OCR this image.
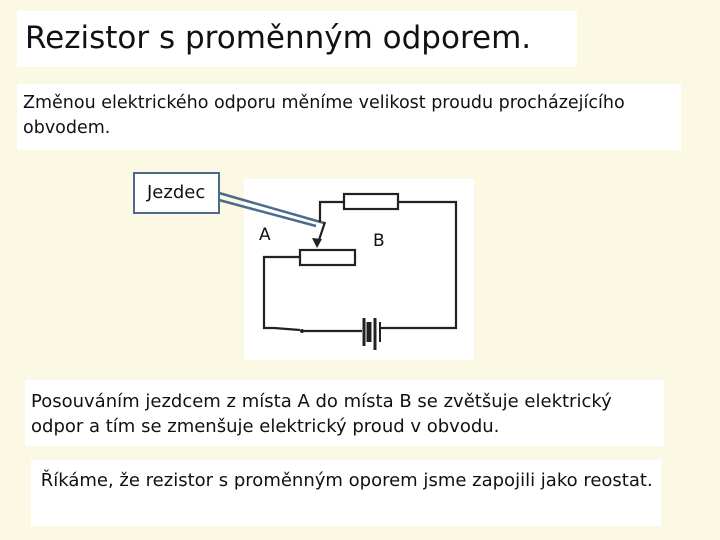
Rezistor s proměnným odporem.
Změnou elektrického odporu měníme velikost proudu procházejícího obvodem.
A	B
Jezdec
Posouváním jezdcem z místa A do místa B se zvětšuje elektrický odpor a tím se zmenšuje elektrický proud v obvodu.
Říkáme, že rezistor s proměnným oporem jsme zapojili jako reostat.
